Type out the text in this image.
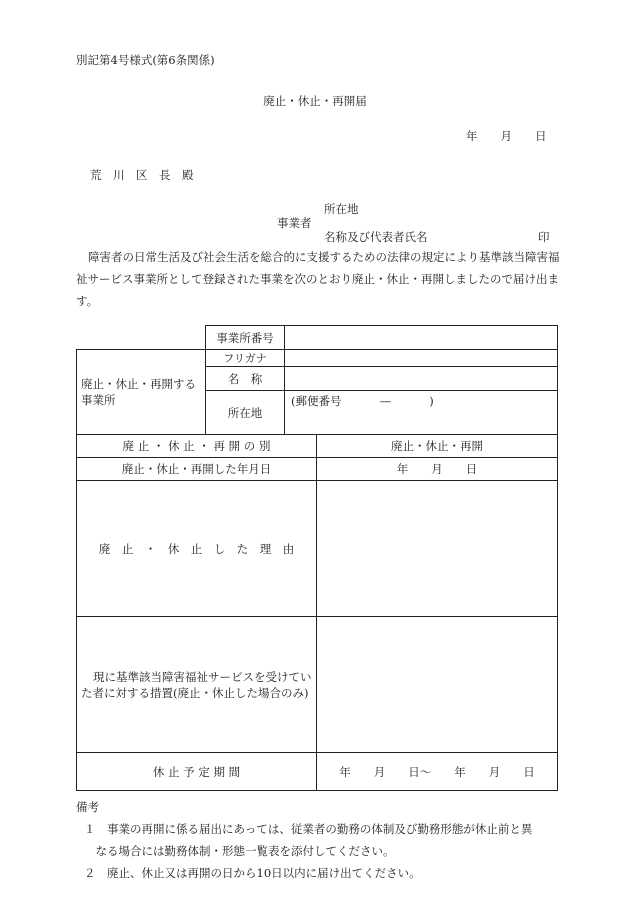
別記第4号様式(第6条関係)
廃止・休止・再開届
年　　月　　日
荒　川　区　長　殿
所在地
事業者
名称及び代表者氏名	印
障害者の日常生活及び社会生活を総合的に支援するための法律の規定により基準該当障害福祉サービス事業所として登録された事業を次のとおり廃止・休止・再開しましたので届け出ます。
	事業所番号		
廃止・休止・再開する事業所	フリガナ		
	名　称		
	所在地	(郵便番号　　　 —　　　 )	
廃 止 ・ 休 止 ・ 再 開 の 別			廃止・休止・再開
廃止・休止・再開した年月日			年　　月　　日
廃　止　・　休　止　し　た　理　由			
現に基準該当障害福祉サービスを受けていた者に対する措置(廃止・休止した場合のみ)			
休 止 予 定 期 間			年　　月　　日〜　　年　　月　　日
備考
１　事業の再開に係る届出にあっては、従業者の勤務の体制及び勤務形態が休止前と異
　なる場合には勤務体制・形態一覧表を添付してください。
２　廃止、休止又は再開の日から10日以内に届け出てください。
